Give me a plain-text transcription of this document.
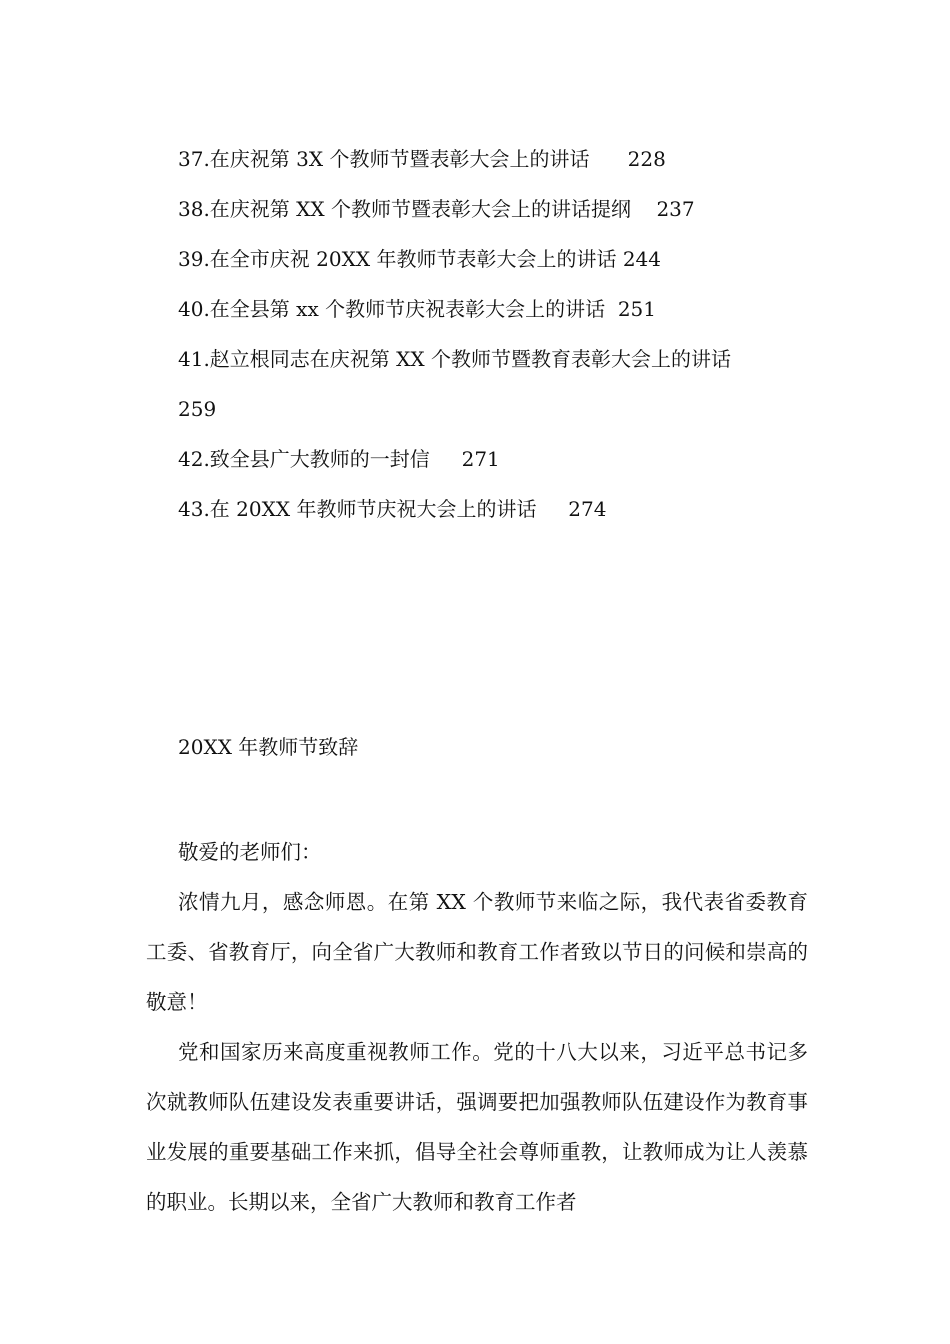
37.在庆祝第 3X 个教师节暨表彰大会上的讲话 228
38.在庆祝第 XX 个教师节暨表彰大会上的讲话提纲 237
39.在全市庆祝 20XX 年教师节表彰大会上的讲话 244
40.在全县第 xx 个教师节庆祝表彰大会上的讲话 251
41.赵立根同志在庆祝第 XX 个教师节暨教育表彰大会上的讲话
259
42.致全县广大教师的一封信 271
43.在 20XX 年教师节庆祝大会上的讲话 274
20XX 年教师节致辞

敬爱的老师们：

浓情九月，感念师恩。在第 XX 个教师节来临之际，我代表省委教育工委、省教育厅，向全省广大教师和教育工作者致以节日的问候和崇高的敬意！

党和国家历来高度重视教师工作。党的十八大以来，习近平总书记多次就教师队伍建设发表重要讲话，强调要把加强教师队伍建设作为教育事业发展的重要基础工作来抓，倡导全社会尊师重教，让教师成为让人羡慕的职业。长期以来，全省广大教师和教育工作者
